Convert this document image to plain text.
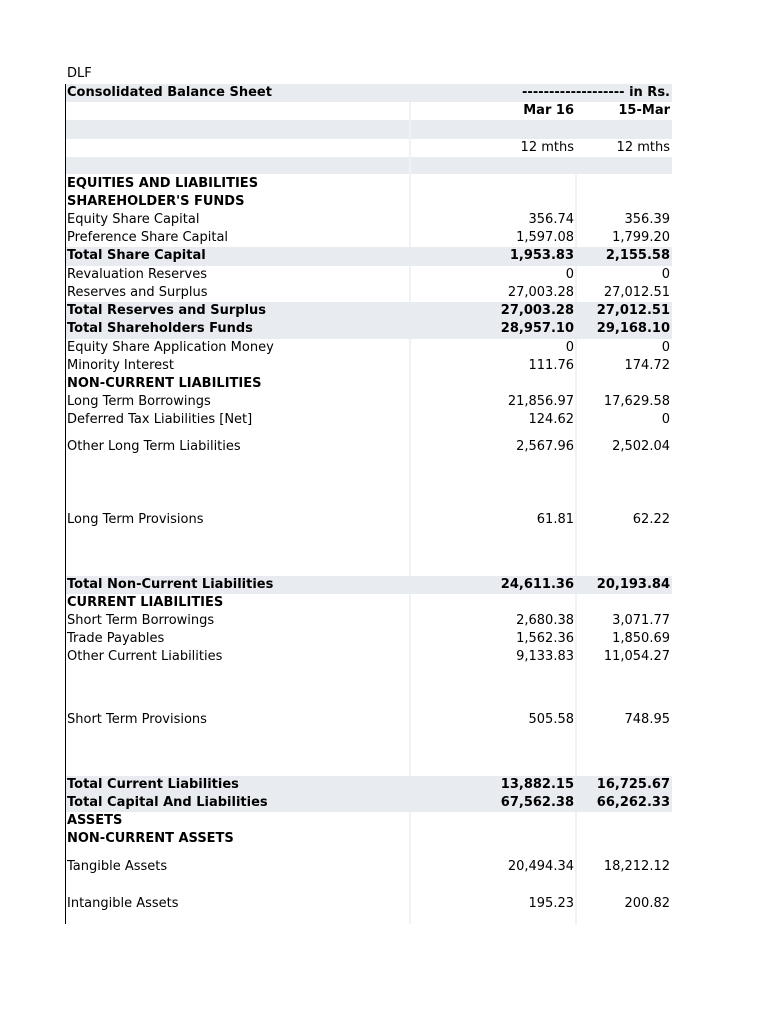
DLF
Consolidated Balance Sheet	------------------- in Rs.
Mar 16	15-Mar
12 mths	12 mths
EQUITIES AND LIABILITIES
SHAREHOLDER'S FUNDS
Equity Share Capital	356.74	356.39
Preference Share Capital	1,597.08	1,799.20
Total Share Capital	1,953.83	2,155.58
Revaluation Reserves	0	0
Reserves and Surplus	27,003.28	27,012.51
Total Reserves and Surplus	27,003.28	27,012.51
Total Shareholders Funds	28,957.10	29,168.10
Equity Share Application Money	0	0
Minority Interest	111.76	174.72
NON-CURRENT LIABILITIES
Long Term Borrowings	21,856.97	17,629.58
Deferred Tax Liabilities [Net]	124.62	0
Other Long Term Liabilities	2,567.96	2,502.04
Long Term Provisions	61.81	62.22
Total Non-Current Liabilities	24,611.36	20,193.84
CURRENT LIABILITIES
Short Term Borrowings	2,680.38	3,071.77
Trade Payables	1,562.36	1,850.69
Other Current Liabilities	9,133.83	11,054.27
Short Term Provisions	505.58	748.95
Total Current Liabilities	13,882.15	16,725.67
Total Capital And Liabilities	67,562.38	66,262.33
ASSETS
NON-CURRENT ASSETS
Tangible Assets	20,494.34	18,212.12
Intangible Assets	195.23	200.82
